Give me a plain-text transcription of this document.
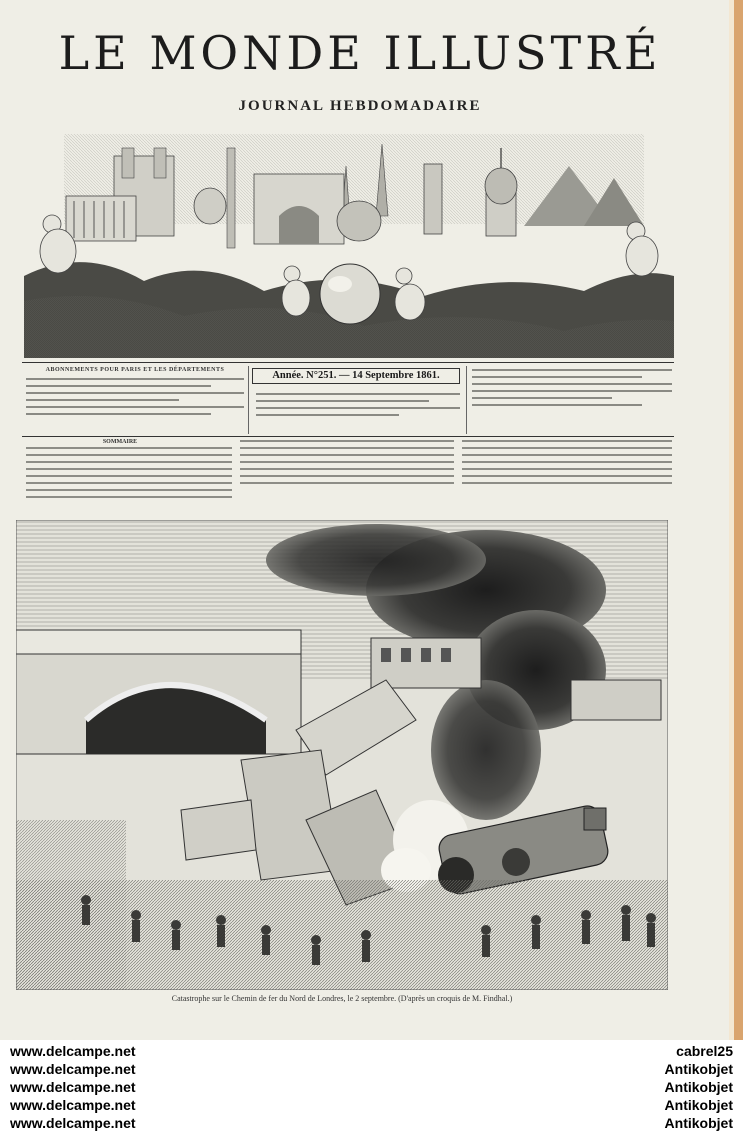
LE MONDE ILLUSTRÉ
JOURNAL HEBDOMADAIRE
ABONNEMENTS POUR PARIS ET LES DÉPARTEMENTS	Année. N°251. — 14 Septembre 1861.
SOMMAIRE
Catastrophe sur le Chemin de fer du Nord de Londres, le 2 septembre. (D'après un croquis de M. Findhal.)
www.delcampe.net
www.delcampe.net
www.delcampe.net
www.delcampe.net
www.delcampe.net
cabrel25
Antikobjet
Antikobjet
Antikobjet
Antikobjet
